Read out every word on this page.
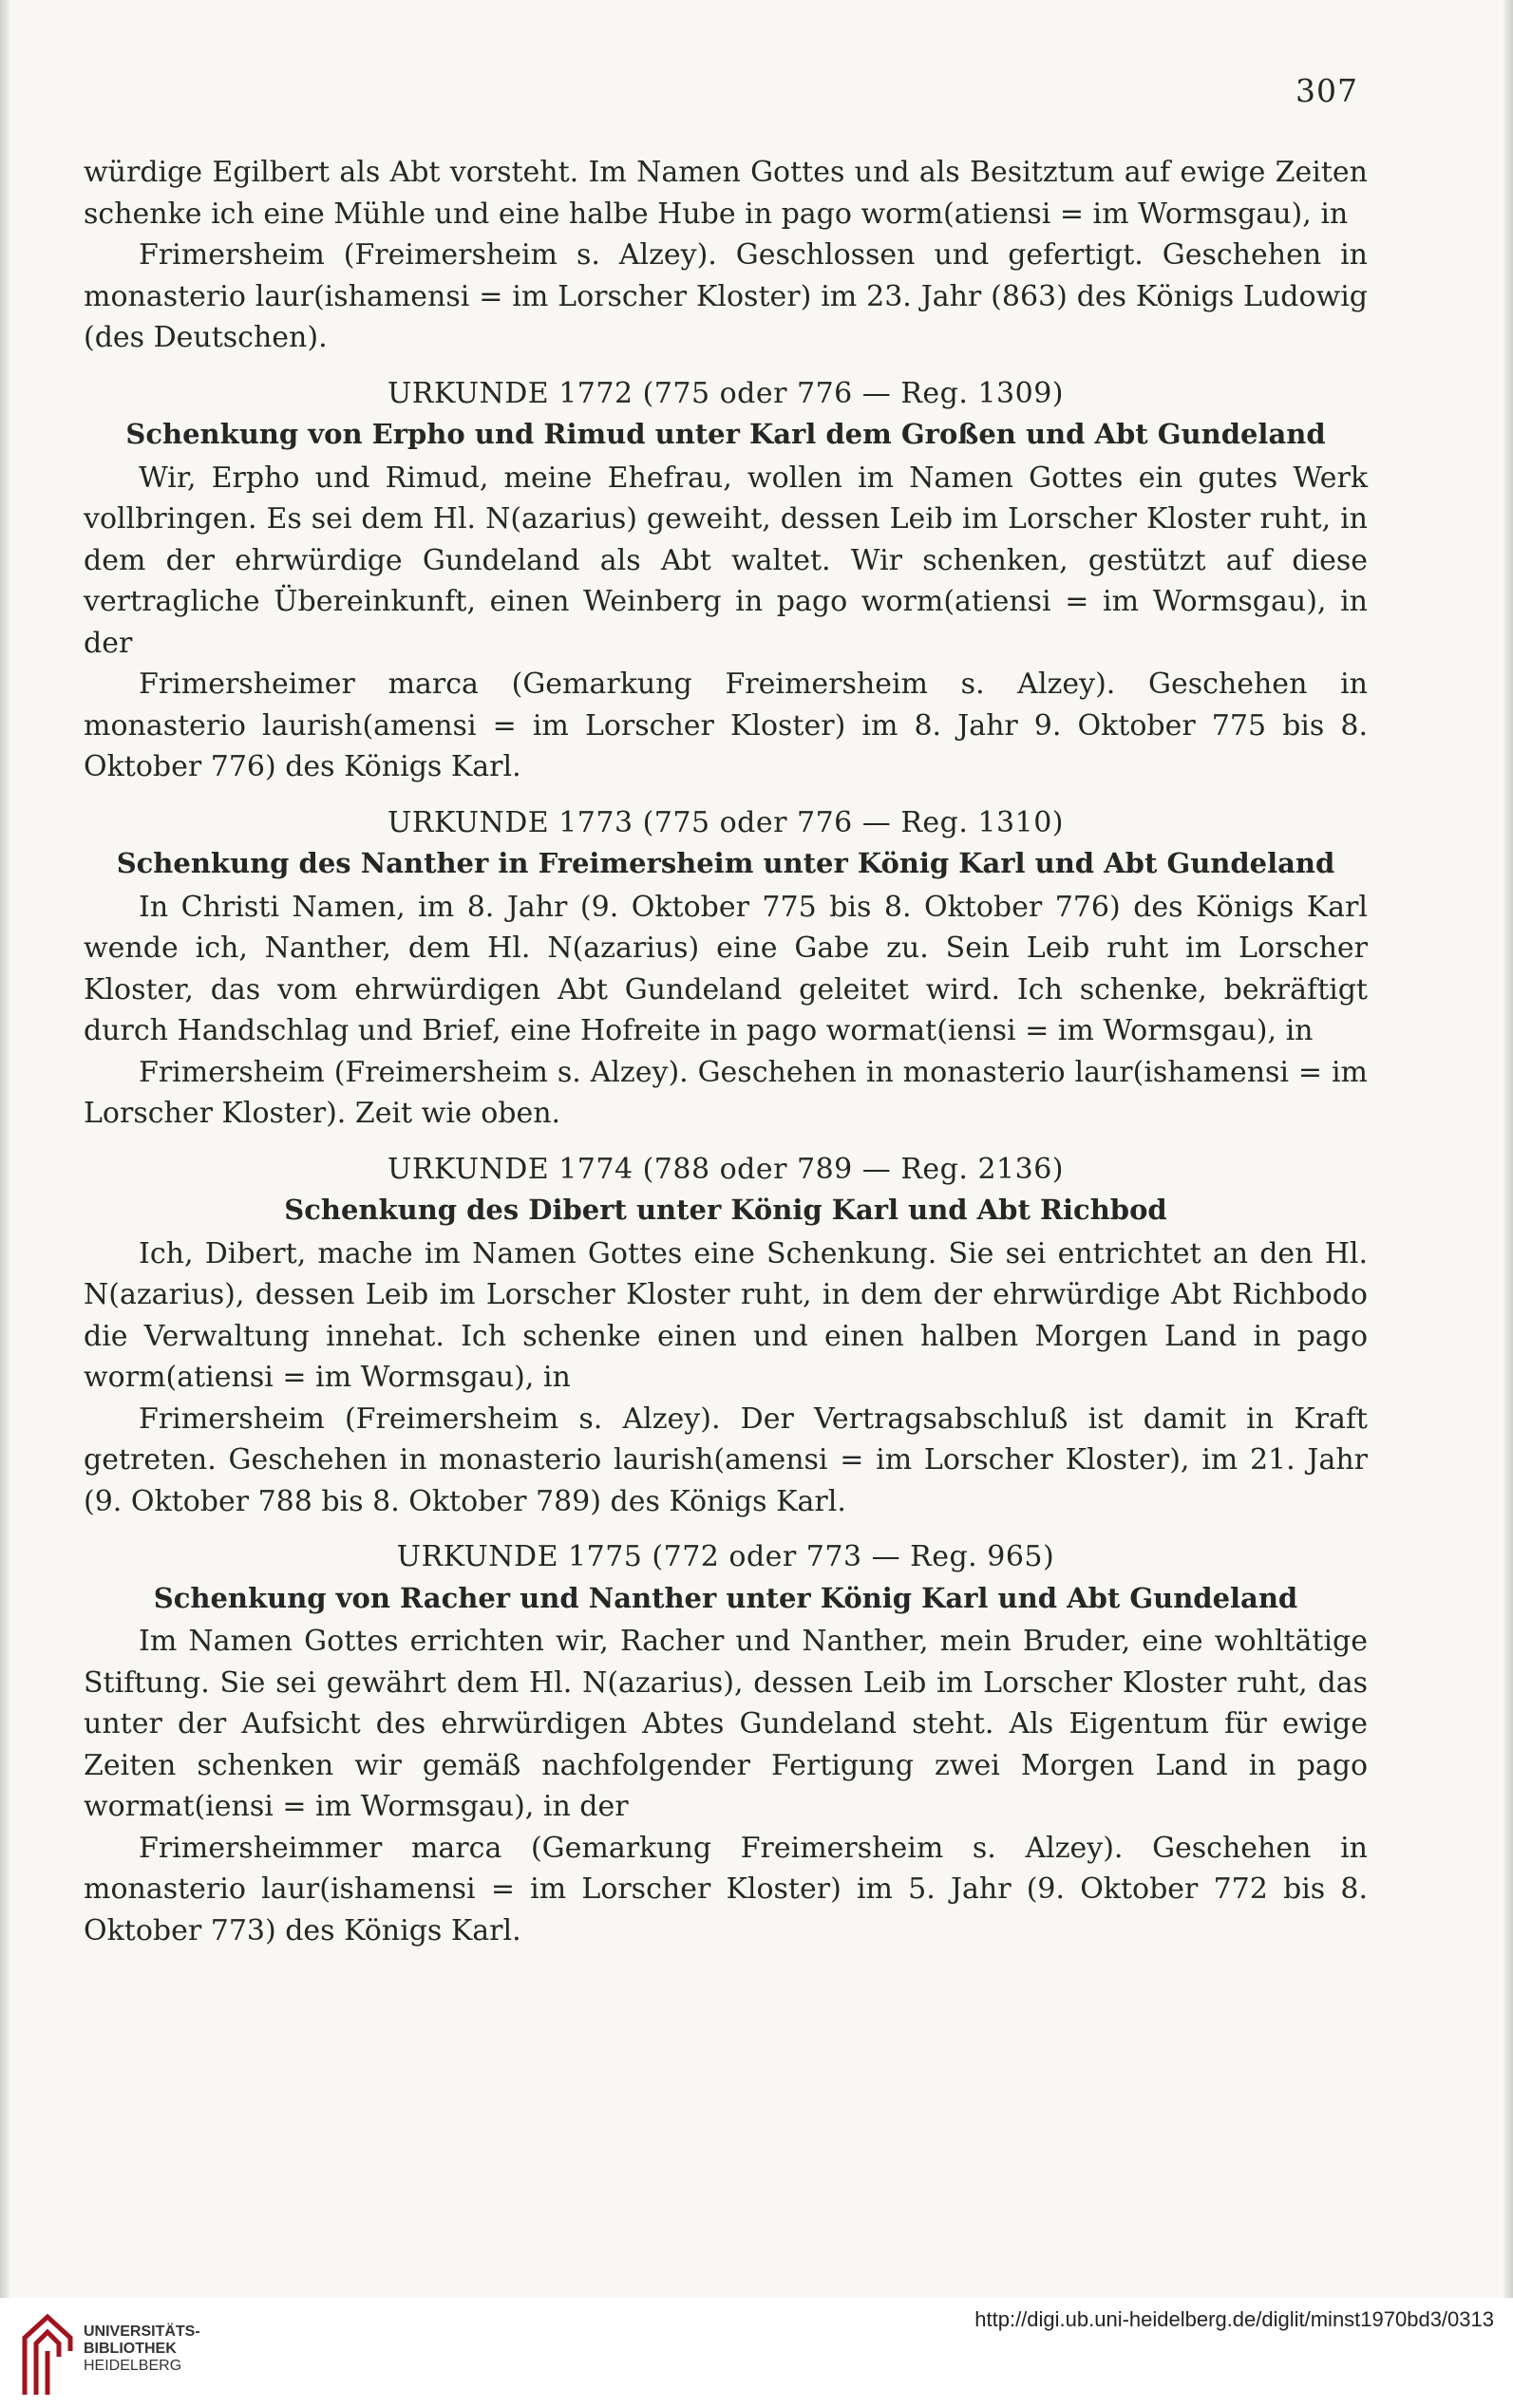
307

würdige Egilbert als Abt vorsteht. Im Namen Gottes und als Besitztum auf ewige Zeiten schenke ich eine Mühle und eine halbe Hube in pago worm(atiensi = im Wormsgau), in

Frimersheim (Freimersheim s. Alzey). Geschlossen und gefertigt. Geschehen in monasterio laur(ishamensi = im Lorscher Kloster) im 23. Jahr (863) des Königs Ludowig (des Deutschen).

URKUNDE 1772 (775 oder 776 — Reg. 1309)
Schenkung von Erpho und Rimud unter Karl dem Großen und Abt Gundeland

Wir, Erpho und Rimud, meine Ehefrau, wollen im Namen Gottes ein gutes Werk vollbringen. Es sei dem Hl. N(azarius) geweiht, dessen Leib im Lorscher Kloster ruht, in dem der ehrwürdige Gundeland als Abt waltet. Wir schenken, gestützt auf diese vertragliche Übereinkunft, einen Weinberg in pago worm(atiensi = im Wormsgau), in der

Frimersheimer marca (Gemarkung Freimersheim s. Alzey). Geschehen in monasterio laurish(amensi = im Lorscher Kloster) im 8. Jahr 9. Oktober 775 bis 8. Oktober 776) des Königs Karl.

URKUNDE 1773 (775 oder 776 — Reg. 1310)
Schenkung des Nanther in Freimersheim unter König Karl und Abt Gundeland

In Christi Namen, im 8. Jahr (9. Oktober 775 bis 8. Oktober 776) des Königs Karl wende ich, Nanther, dem Hl. N(azarius) eine Gabe zu. Sein Leib ruht im Lorscher Kloster, das vom ehrwürdigen Abt Gundeland geleitet wird. Ich schenke, bekräftigt durch Handschlag und Brief, eine Hofreite in pago wormat(iensi = im Wormsgau), in

Frimersheim (Freimersheim s. Alzey). Geschehen in monasterio laur(ishamensi = im Lorscher Kloster). Zeit wie oben.

URKUNDE 1774 (788 oder 789 — Reg. 2136)
Schenkung des Dibert unter König Karl und Abt Richbod

Ich, Dibert, mache im Namen Gottes eine Schenkung. Sie sei entrichtet an den Hl. N(azarius), dessen Leib im Lorscher Kloster ruht, in dem der ehrwürdige Abt Richbodo die Verwaltung innehat. Ich schenke einen und einen halben Morgen Land in pago worm(atiensi = im Wormsgau), in

Frimersheim (Freimersheim s. Alzey). Der Vertragsabschluß ist damit in Kraft getreten. Geschehen in monasterio laurish(amensi = im Lorscher Kloster), im 21. Jahr (9. Oktober 788 bis 8. Oktober 789) des Königs Karl.

URKUNDE 1775 (772 oder 773 — Reg. 965)
Schenkung von Racher und Nanther unter König Karl und Abt Gundeland

Im Namen Gottes errichten wir, Racher und Nanther, mein Bruder, eine wohltätige Stiftung. Sie sei gewährt dem Hl. N(azarius), dessen Leib im Lorscher Kloster ruht, das unter der Aufsicht des ehrwürdigen Abtes Gundeland steht. Als Eigentum für ewige Zeiten schenken wir gemäß nachfolgender Fertigung zwei Morgen Land in pago wormat(iensi = im Wormsgau), in der

Frimersheimmer marca (Gemarkung Freimersheim s. Alzey). Geschehen in monasterio laur(ishamensi = im Lorscher Kloster) im 5. Jahr (9. Oktober 772 bis 8. Oktober 773) des Königs Karl.

UNIVERSITÄTS-
BIBLIOTHEK
HEIDELBERG
http://digi.ub.uni-heidelberg.de/diglit/minst1970bd3/0313
